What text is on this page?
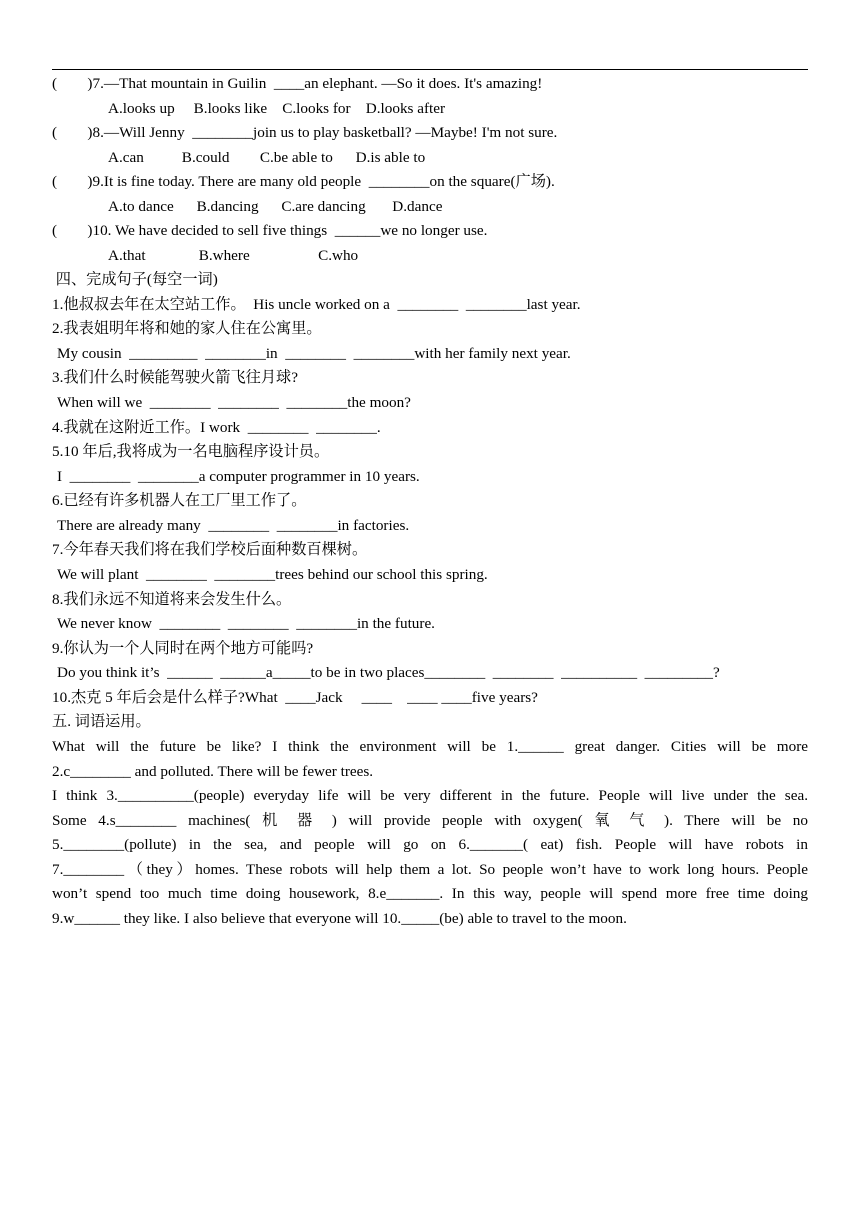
(        )7.—That mountain in Guilin  ____an elephant. —So it does. It's amazing!
A.looks up     B.looks like    C.looks for    D.looks after
(        )8.—Will Jenny  ________join us to play basketball? —Maybe! I'm not sure.
A.can          B.could        C.be able to      D.is able to
(        )9.It is fine today. There are many old people  ________on the square(广场).
A.to dance      B.dancing      C.are dancing       D.dance
(        )10. We have decided to sell five things  ______we no longer use.
A.that              B.where                  C.who
四、完成句子(每空一词)
1.他叔叔去年在太空站工作。  His uncle worked on a  ________  ________last year.
2.我表姐明年将和她的家人住在公寓里。
My cousin  _________  ________in  ________  ________with her family next year.
3.我们什么时候能驾驶火箭飞往月球?
When will we  ________  ________  ________the moon?
4.我就在这附近工作。I work  ________  ________.
5.10 年后,我将成为一名电脑程序设计员。
I  ________  ________a computer programmer in 10 years.
6.已经有许多机器人在工厂里工作了。
There are already many  ________  ________in factories.
7.今年春天我们将在我们学校后面种数百棵树。
We will plant  ________  ________trees behind our school this spring.
8.我们永远不知道将来会发生什么。
We never know  ________  ________  ________in the future.
9.你认为一个人同时在两个地方可能吗?
Do you think it’s  ______  ______a_____to be in two places________  ________  __________  _________?
10.杰克 5 年后会是什么样子?What  ____Jack     ____    ____ ____five years?
五. 词语运用。
What will the future be like? I think the environment will be 1.______ great danger. Cities will be more
2.c________ and polluted. There will be fewer trees.
I think 3.__________(people) everyday life will be very different in the future. People will live under the sea.
Some 4.s________ machines( 机 器 ) will provide people with oxygen( 氧 气 ). There will be no
5.________(pollute) in the sea, and people will go on 6._______( eat) fish. People will have robots in
7.________（they）homes. These robots will help them a lot. So people won’t have to work long hours. People
won’t spend too much time doing housework, 8.e_______. In this way, people will spend more free time doing
9.w______ they like. I also believe that everyone will 10._____(be) able to travel to the moon.
